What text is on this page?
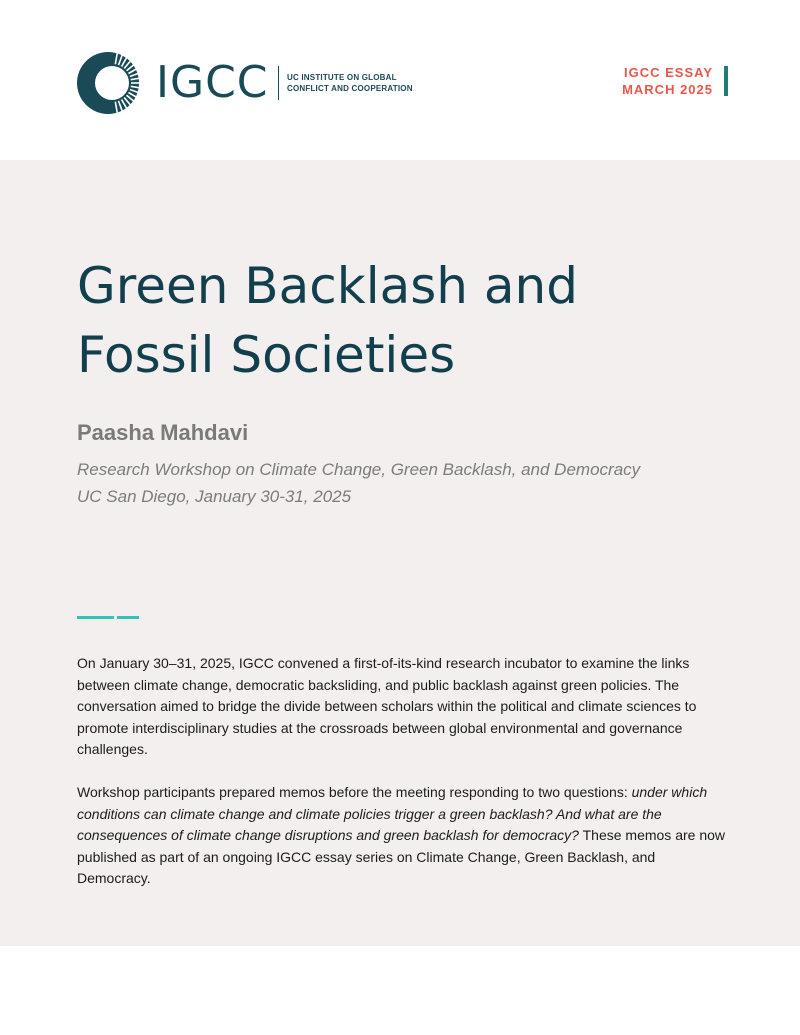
IGCC UC INSTITUTE ON GLOBAL
CONFLICT AND COOPERATION
IGCC ESSAY
MARCH 2025
Green Backlash and
Fossil Societies

Paasha Mahdavi

Research Workshop on Climate Change, Green Backlash, and Democracy
UC San Diego, January 30-31, 2025

On January 30–31, 2025, IGCC convened a first-of-its-kind research incubator to examine the links between climate change, democratic backsliding, and public backlash against green policies. The conversation aimed to bridge the divide between scholars within the political and climate sciences to promote interdisciplinary studies at the crossroads between global environmental and governance challenges.

Workshop participants prepared memos before the meeting responding to two questions: under which conditions can climate change and climate policies trigger a green backlash? And what are the consequences of climate change disruptions and green backlash for democracy? These memos are now published as part of an ongoing IGCC essay series on Climate Change, Green Backlash, and Democracy.
